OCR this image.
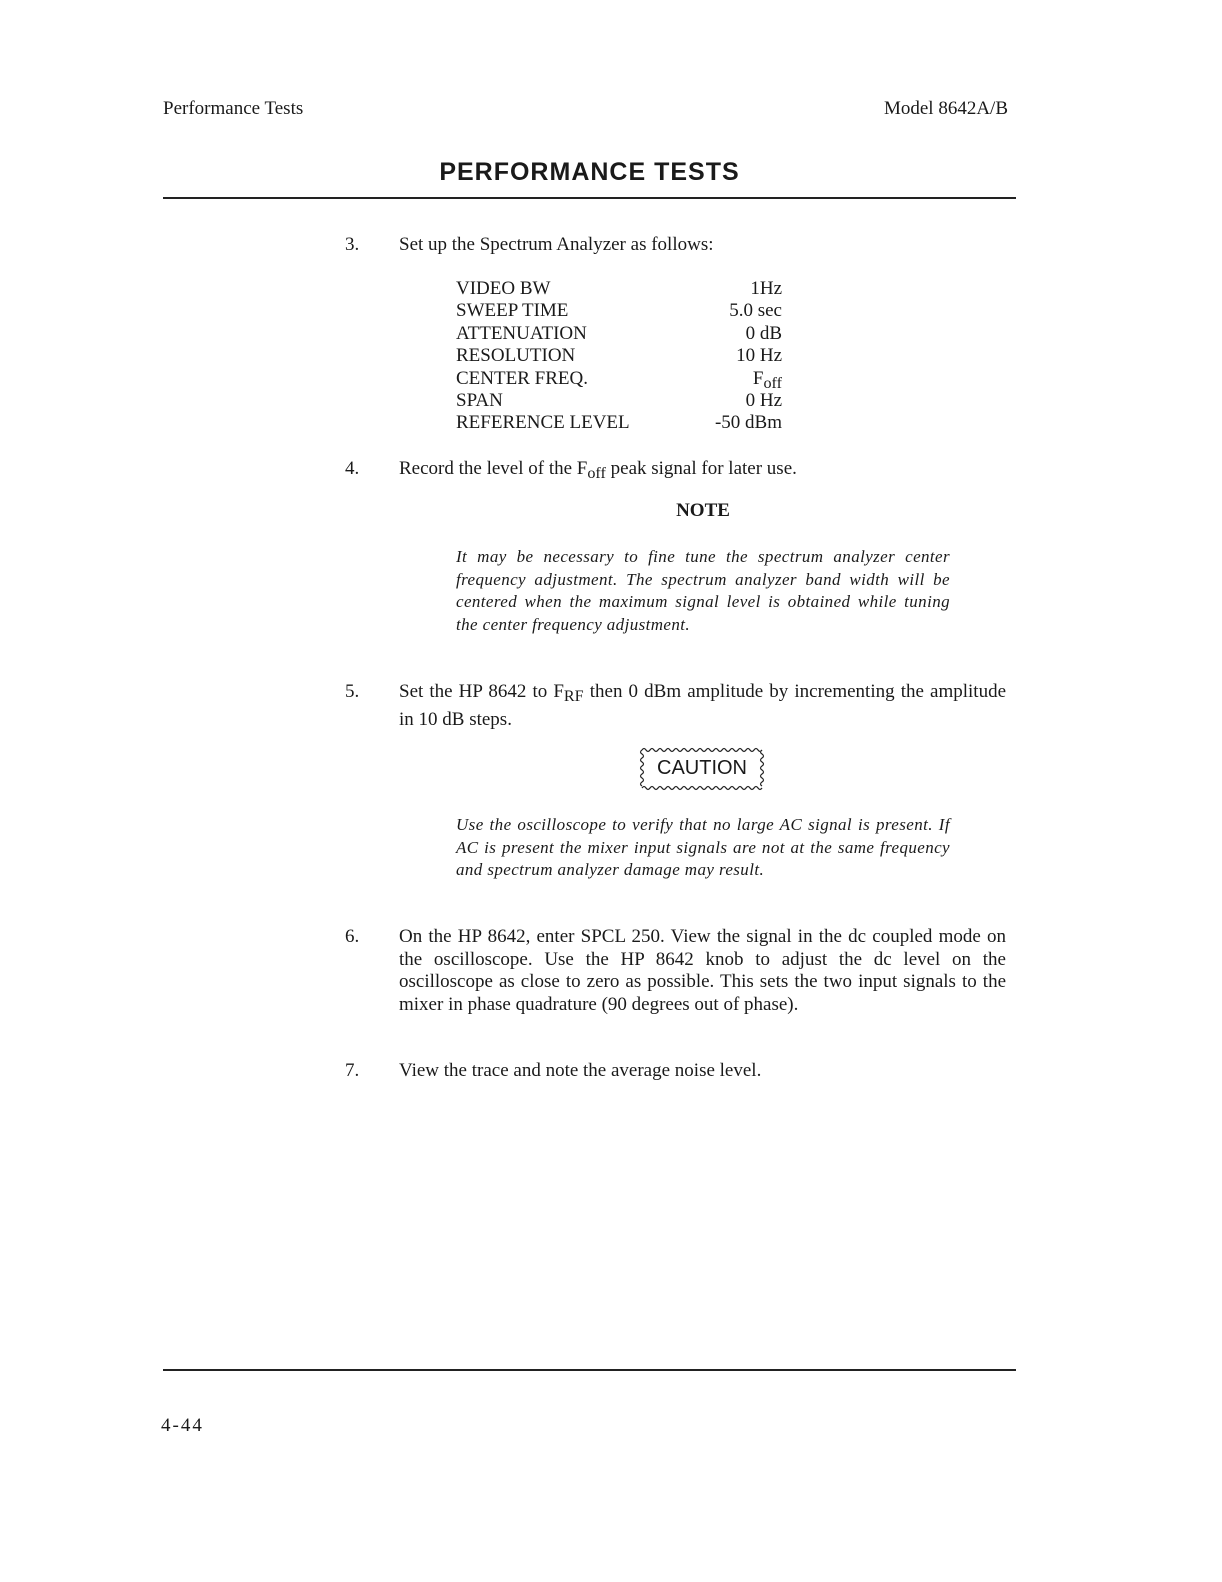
Performance Tests	Model 8642A/B
PERFORMANCE TESTS
3. Set up the Spectrum Analyzer as follows:
VIDEO BW	1Hz
SWEEP TIME	5.0 sec
ATTENUATION	0 dB
RESOLUTION	10 Hz
CENTER FREQ.	$F_{off}$
SPAN	0 Hz
REFERENCE LEVEL	-50 dBm
4. Record the level of the $F_{off}$ peak signal for later use.
NOTE
It may be necessary to fine tune the spectrum analyzer center frequency adjustment. The spectrum analyzer band width will be centered when the maximum signal level is obtained while tuning the center frequency adjustment.
5. Set the HP 8642 to $F_{RF}$ then 0 dBm amplitude by incrementing the amplitude in 10 dB steps.
CAUTION
Use the oscilloscope to verify that no large AC signal is present. If AC is present the mixer input signals are not at the same frequency and spectrum analyzer damage may result.
6. On the HP 8642, enter SPCL 250. View the signal in the dc coupled mode on the oscilloscope. Use the HP 8642 knob to adjust the dc level on the oscilloscope as close to zero as possible. This sets the two input signals to the mixer in phase quadrature (90 degrees out of phase).
7. View the trace and note the average noise level.
4-44
